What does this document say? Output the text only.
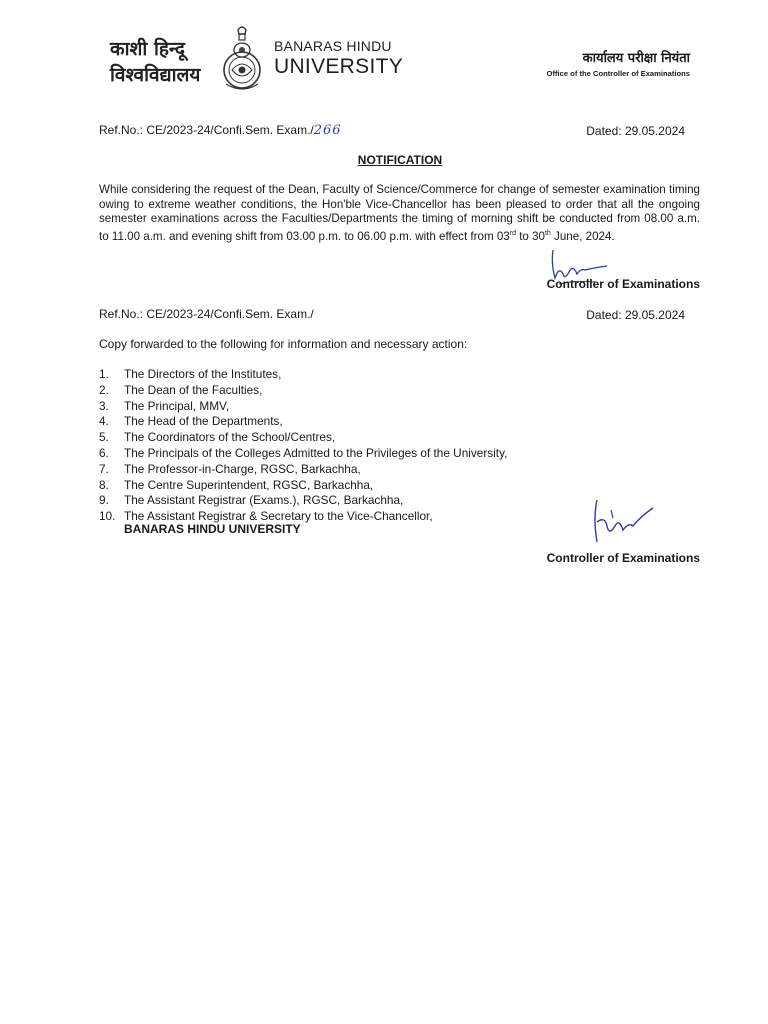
काशी हिन्दू
विश्वविद्यालय
BANARAS HINDU
UNIVERSITY	कार्यालय परीक्षा नियंता
Office of the Controller of Examinations
Ref.No.: CE/2023-24/Confi.Sem. Exam./266	Dated: 29.05.2024
NOTIFICATION
While considering the request of the Dean, Faculty of Science/Commerce for change of semester examination timing owing to extreme weather conditions, the Hon'ble Vice-Chancellor has been pleased to order that all the ongoing semester examinations across the Faculties/Departments the timing of morning shift be conducted from 08.00 a.m. to 11.00 a.m. and evening shift from 03.00 p.m. to 06.00 p.m. with effect from 03rd to 30th June, 2024.
Controller of Examinations
Ref.No.: CE/2023-24/Confi.Sem. Exam./	Dated: 29.05.2024
Copy forwarded to the following for information and necessary action:
1.	The Directors of the Institutes,
2.	The Dean of the Faculties,
3.	The Principal, MMV,
4.	The Head of the Departments,
5.	The Coordinators of the School/Centres,
6.	The Principals of the Colleges Admitted to the Privileges of the University,
7.	The Professor-in-Charge, RGSC, Barkachha,
8.	The Centre Superintendent, RGSC, Barkachha,
9.	The Assistant Registrar (Exams.), RGSC, Barkachha,
10. The Assistant Registrar & Secretary to the Vice-Chancellor,
BANARAS HINDU UNIVERSITY
Controller of Examinations
